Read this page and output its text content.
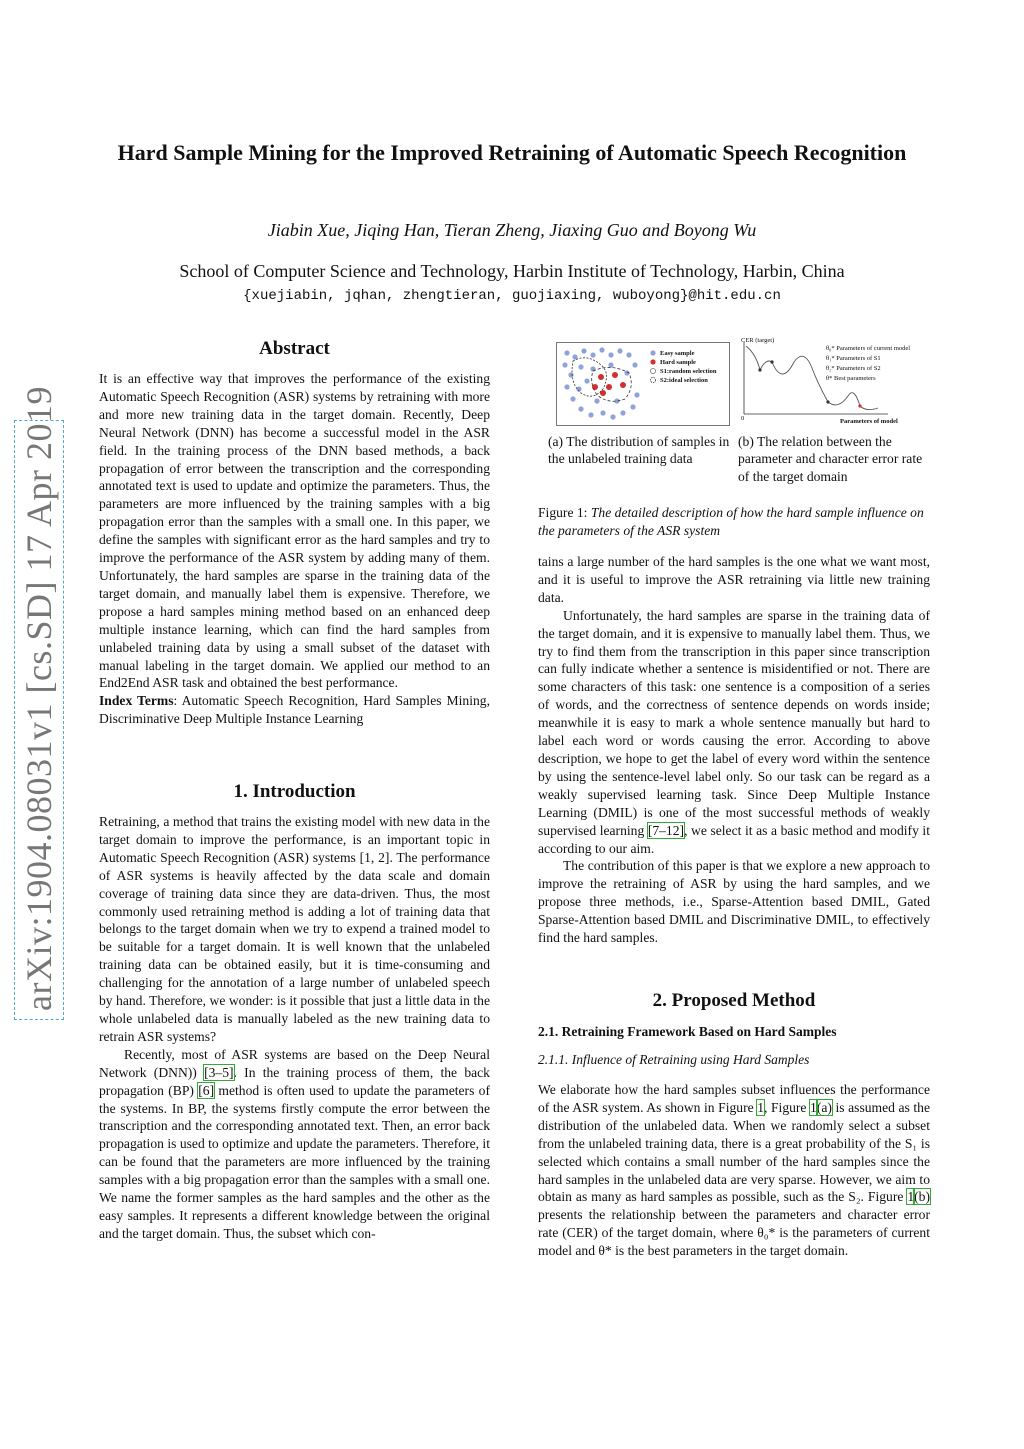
arXiv:1904.08031v1 [cs.SD] 17 Apr 2019
Hard Sample Mining for the Improved Retraining of Automatic Speech Recognition
Jiabin Xue, Jiqing Han, Tieran Zheng, Jiaxing Guo and Boyong Wu
School of Computer Science and Technology, Harbin Institute of Technology, Harbin, China
{xuejiabin, jqhan, zhengtieran, guojiaxing, wuboyong}@hit.edu.cn
Abstract

It is an effective way that improves the performance of the existing Automatic Speech Recognition (ASR) systems by retraining with more and more new training data in the target domain. Recently, Deep Neural Network (DNN) has become a successful model in the ASR field. In the training process of the DNN based methods, a back propagation of error between the transcription and the corresponding annotated text is used to update and optimize the parameters. Thus, the parameters are more influenced by the training samples with a big propagation error than the samples with a small one. In this paper, we define the samples with significant error as the hard samples and try to improve the performance of the ASR system by adding many of them. Unfortunately, the hard samples are sparse in the training data of the target domain, and manually label them is expensive. Therefore, we propose a hard samples mining method based on an enhanced deep multiple instance learning, which can find the hard samples from unlabeled training data by using a small subset of the dataset with manual labeling in the target domain. We applied our method to an End2End ASR task and obtained the best performance.

Index Terms: Automatic Speech Recognition, Hard Samples Mining, Discriminative Deep Multiple Instance Learning

1. Introduction

Retraining, a method that trains the existing model with new data in the target domain to improve the performance, is an important topic in Automatic Speech Recognition (ASR) systems [1, 2]. The performance of ASR systems is heavily affected by the data scale and domain coverage of training data since they are data-driven. Thus, the most commonly used retraining method is adding a lot of training data that belongs to the target domain when we try to expend a trained model to be suitable for a target domain. It is well known that the unlabeled training data can be obtained easily, but it is time-consuming and challenging for the annotation of a large number of unlabeled speech by hand. Therefore, we wonder: is it possible that just a little data in the whole unlabeled data is manually labeled as the new training data to retrain ASR systems?

Recently, most of ASR systems are based on the Deep Neural Network (DNN)) [3–5]. In the training process of them, the back propagation (BP) [6] method is often used to update the parameters of the systems. In BP, the systems firstly compute the error between the transcription and the corresponding annotated text. Then, an error back propagation is used to optimize and update the parameters. Therefore, it can be found that the parameters are more influenced by the training samples with a big propagation error than the samples with a small one. We name the former samples as the hard samples and the other as the easy samples. It represents a different knowledge between the original and the target domain. Thus, the subset which con-

Easy sample
Hard sample
S1:random selection
S2:ideal selection
CER (target)
0	Parameters of model
θ₀* Parameters of current model
θ₁* Parameters of S1
θ₂* Parameters of S2
θ* Best parameters
(a) The distribution of samples in the unlabeled training data
(b) The relation between the parameter and character error rate of the target domain
Figure 1: The detailed description of how the hard sample influence on the parameters of the ASR system

tains a large number of the hard samples is the one what we want most, and it is useful to improve the ASR retraining via little new training data.

Unfortunately, the hard samples are sparse in the training data of the target domain, and it is expensive to manually label them. Thus, we try to find them from the transcription in this paper since transcription can fully indicate whether a sentence is misidentified or not. There are some characters of this task: one sentence is a composition of a series of words, and the correctness of sentence depends on words inside; meanwhile it is easy to mark a whole sentence manually but hard to label each word or words causing the error. According to above description, we hope to get the label of every word within the sentence by using the sentence-level label only. So our task can be regard as a weakly supervised learning task. Since Deep Multiple Instance Learning (DMIL) is one of the most successful methods of weakly supervised learning [7–12], we select it as a basic method and modify it according to our aim.

The contribution of this paper is that we explore a new approach to improve the retraining of ASR by using the hard samples, and we propose three methods, i.e., Sparse-Attention based DMIL, Gated Sparse-Attention based DMIL and Discriminative DMIL, to effectively find the hard samples.

2. Proposed Method
2.1. Retraining Framework Based on Hard Samples
2.1.1. Influence of Retraining using Hard Samples

We elaborate how the hard samples subset influences the performance of the ASR system. As shown in Figure 1, Figure 1(a) is assumed as the distribution of the unlabeled data. When we randomly select a subset from the unlabeled training data, there is a great probability of the S₁ is selected which contains a small number of the hard samples since the hard samples in the unlabeled data are very sparse. However, we aim to obtain as many as hard samples as possible, such as the S₂. Figure 1(b) presents the relationship between the parameters and character error rate (CER) of the target domain, where θ₀* is the parameters of current model and θ* is the best parameters in the target domain.
